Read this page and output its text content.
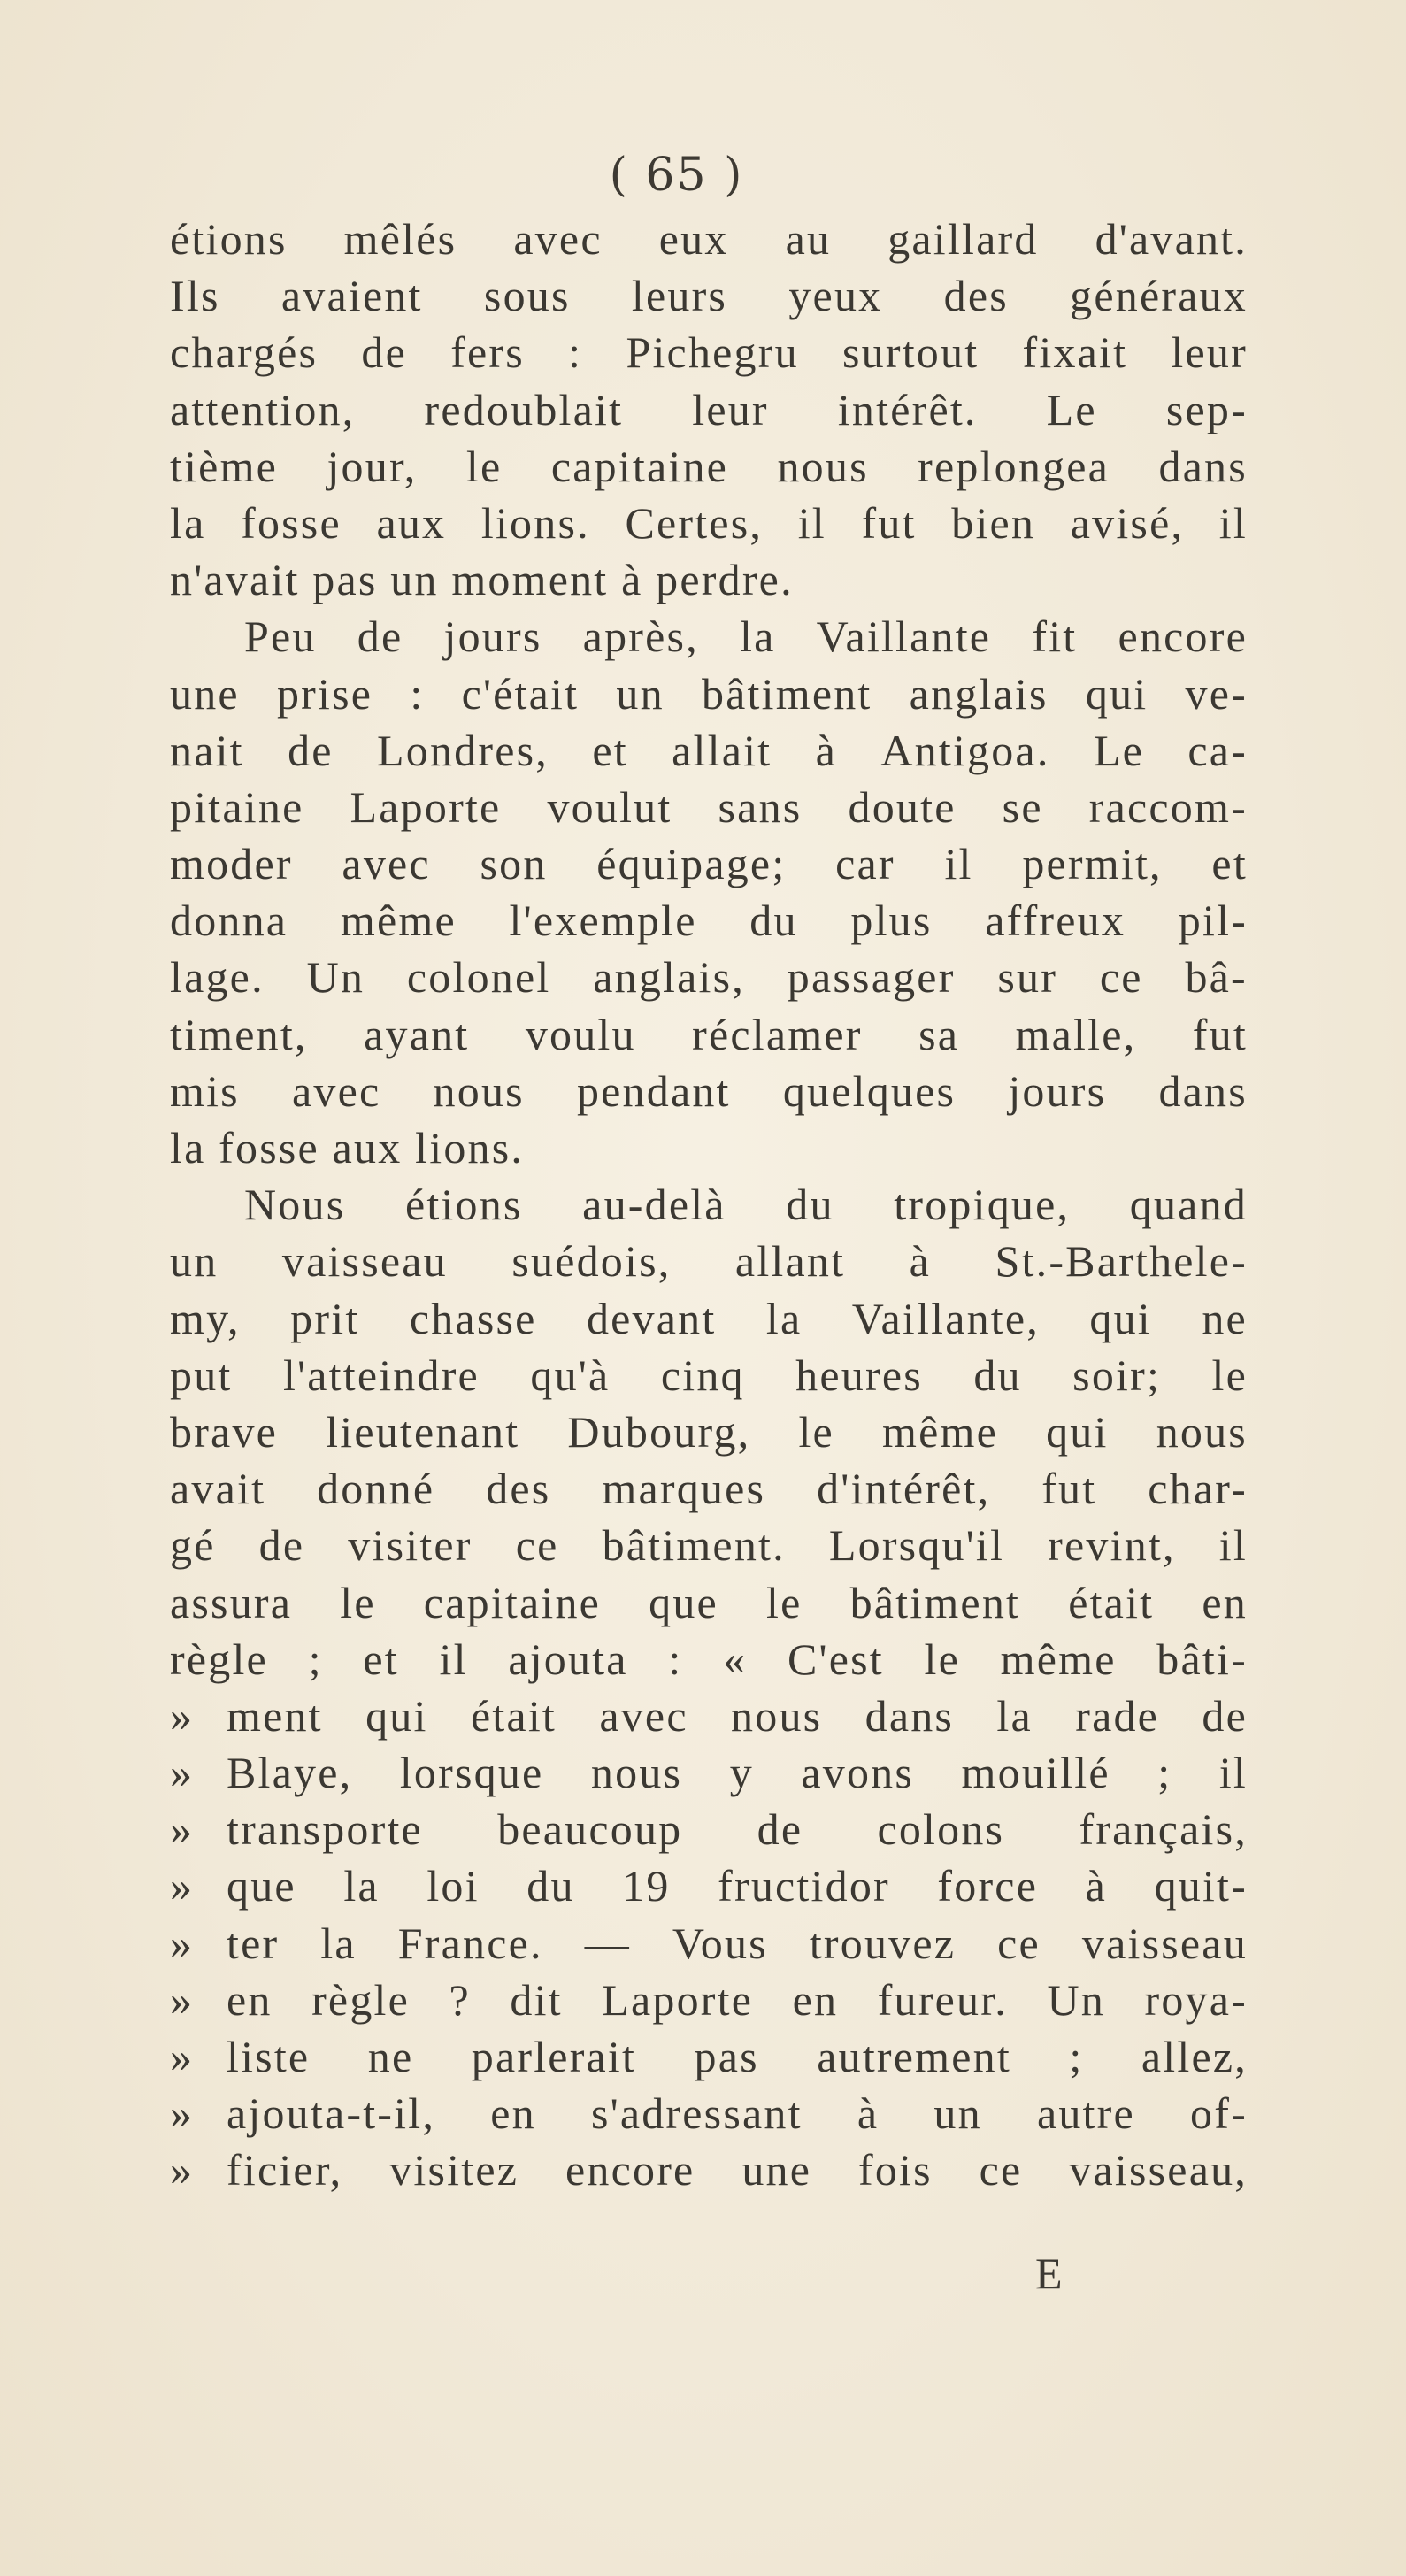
( 65 )
étions mêlés avec eux au gaillard d'avant.
Ils avaient sous leurs yeux des généraux
chargés de fers : Pichegru surtout fixait leur
attention, redoublait leur intérêt. Le sep-
tième jour, le capitaine nous replongea dans
la fosse aux lions. Certes, il fut bien avisé, il
n'avait pas un moment à perdre.
Peu de jours après, la Vaillante fit encore
une prise : c'était un bâtiment anglais qui ve-
nait de Londres, et allait à Antigoa. Le ca-
pitaine Laporte voulut sans doute se raccom-
moder avec son équipage; car il permit, et
donna même l'exemple du plus affreux pil-
lage. Un colonel anglais, passager sur ce bâ-
timent, ayant voulu réclamer sa malle, fut
mis avec nous pendant quelques jours dans
la fosse aux lions.
Nous étions au-delà du tropique, quand
un vaisseau suédois, allant à St.-Barthele-
my, prit chasse devant la Vaillante, qui ne
put l'atteindre qu'à cinq heures du soir; le
brave lieutenant Dubourg, le même qui nous
avait donné des marques d'intérêt, fut char-
gé de visiter ce bâtiment. Lorsqu'il revint, il
assura le capitaine que le bâtiment était en
règle ; et il ajouta : « C'est le même bâti-
» ment qui était avec nous dans la rade de
» Blaye, lorsque nous y avons mouillé ; il
» transporte beaucoup de colons français,
» que la loi du 19 fructidor force à quit-
» ter la France. — Vous trouvez ce vaisseau
» en règle ? dit Laporte en fureur. Un roya-
» liste ne parlerait pas autrement ; allez,
» ajouta-t-il, en s'adressant à un autre of-
» ficier, visitez encore une fois ce vaisseau,
E
